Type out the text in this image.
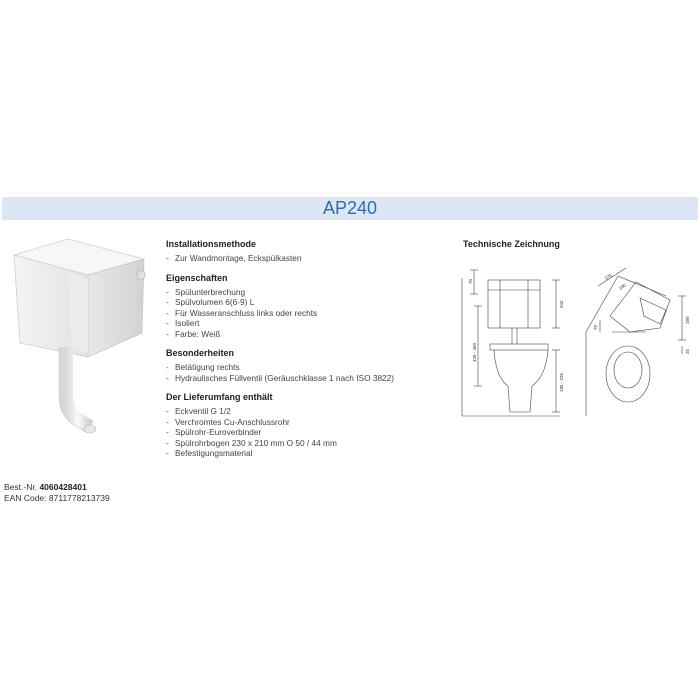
AP240
Best.-Nr. 4060428401
EAN Code: 8711778213739
Installationsmethode
- Zur Wandmontage, Eckspülkasten
Eigenschaften
- Spülunterbrechung
- Spülvolumen 6(6-9) L
- Für Wasseranschluss links oder rechts
- Isoliert
- Farbe: Weiß
Besonderheiten
- Betätigung rechts
- Hydraulisches Füllventil (Geräuschklasse 1 nach ISO 3822)
Der Lieferumfang enthält
- Eckventil G 1/2
- Verchromtes Cu-Anschlussrohr
- Spülrohr-Euroverbinder
- Spülrohrbogen 230 x 210 mm O 50 / 44 mm
- Befestigungsmaterial
Technische Zeichnung
70
428 - 450
342
185 - 235
370
180
280
70
25
